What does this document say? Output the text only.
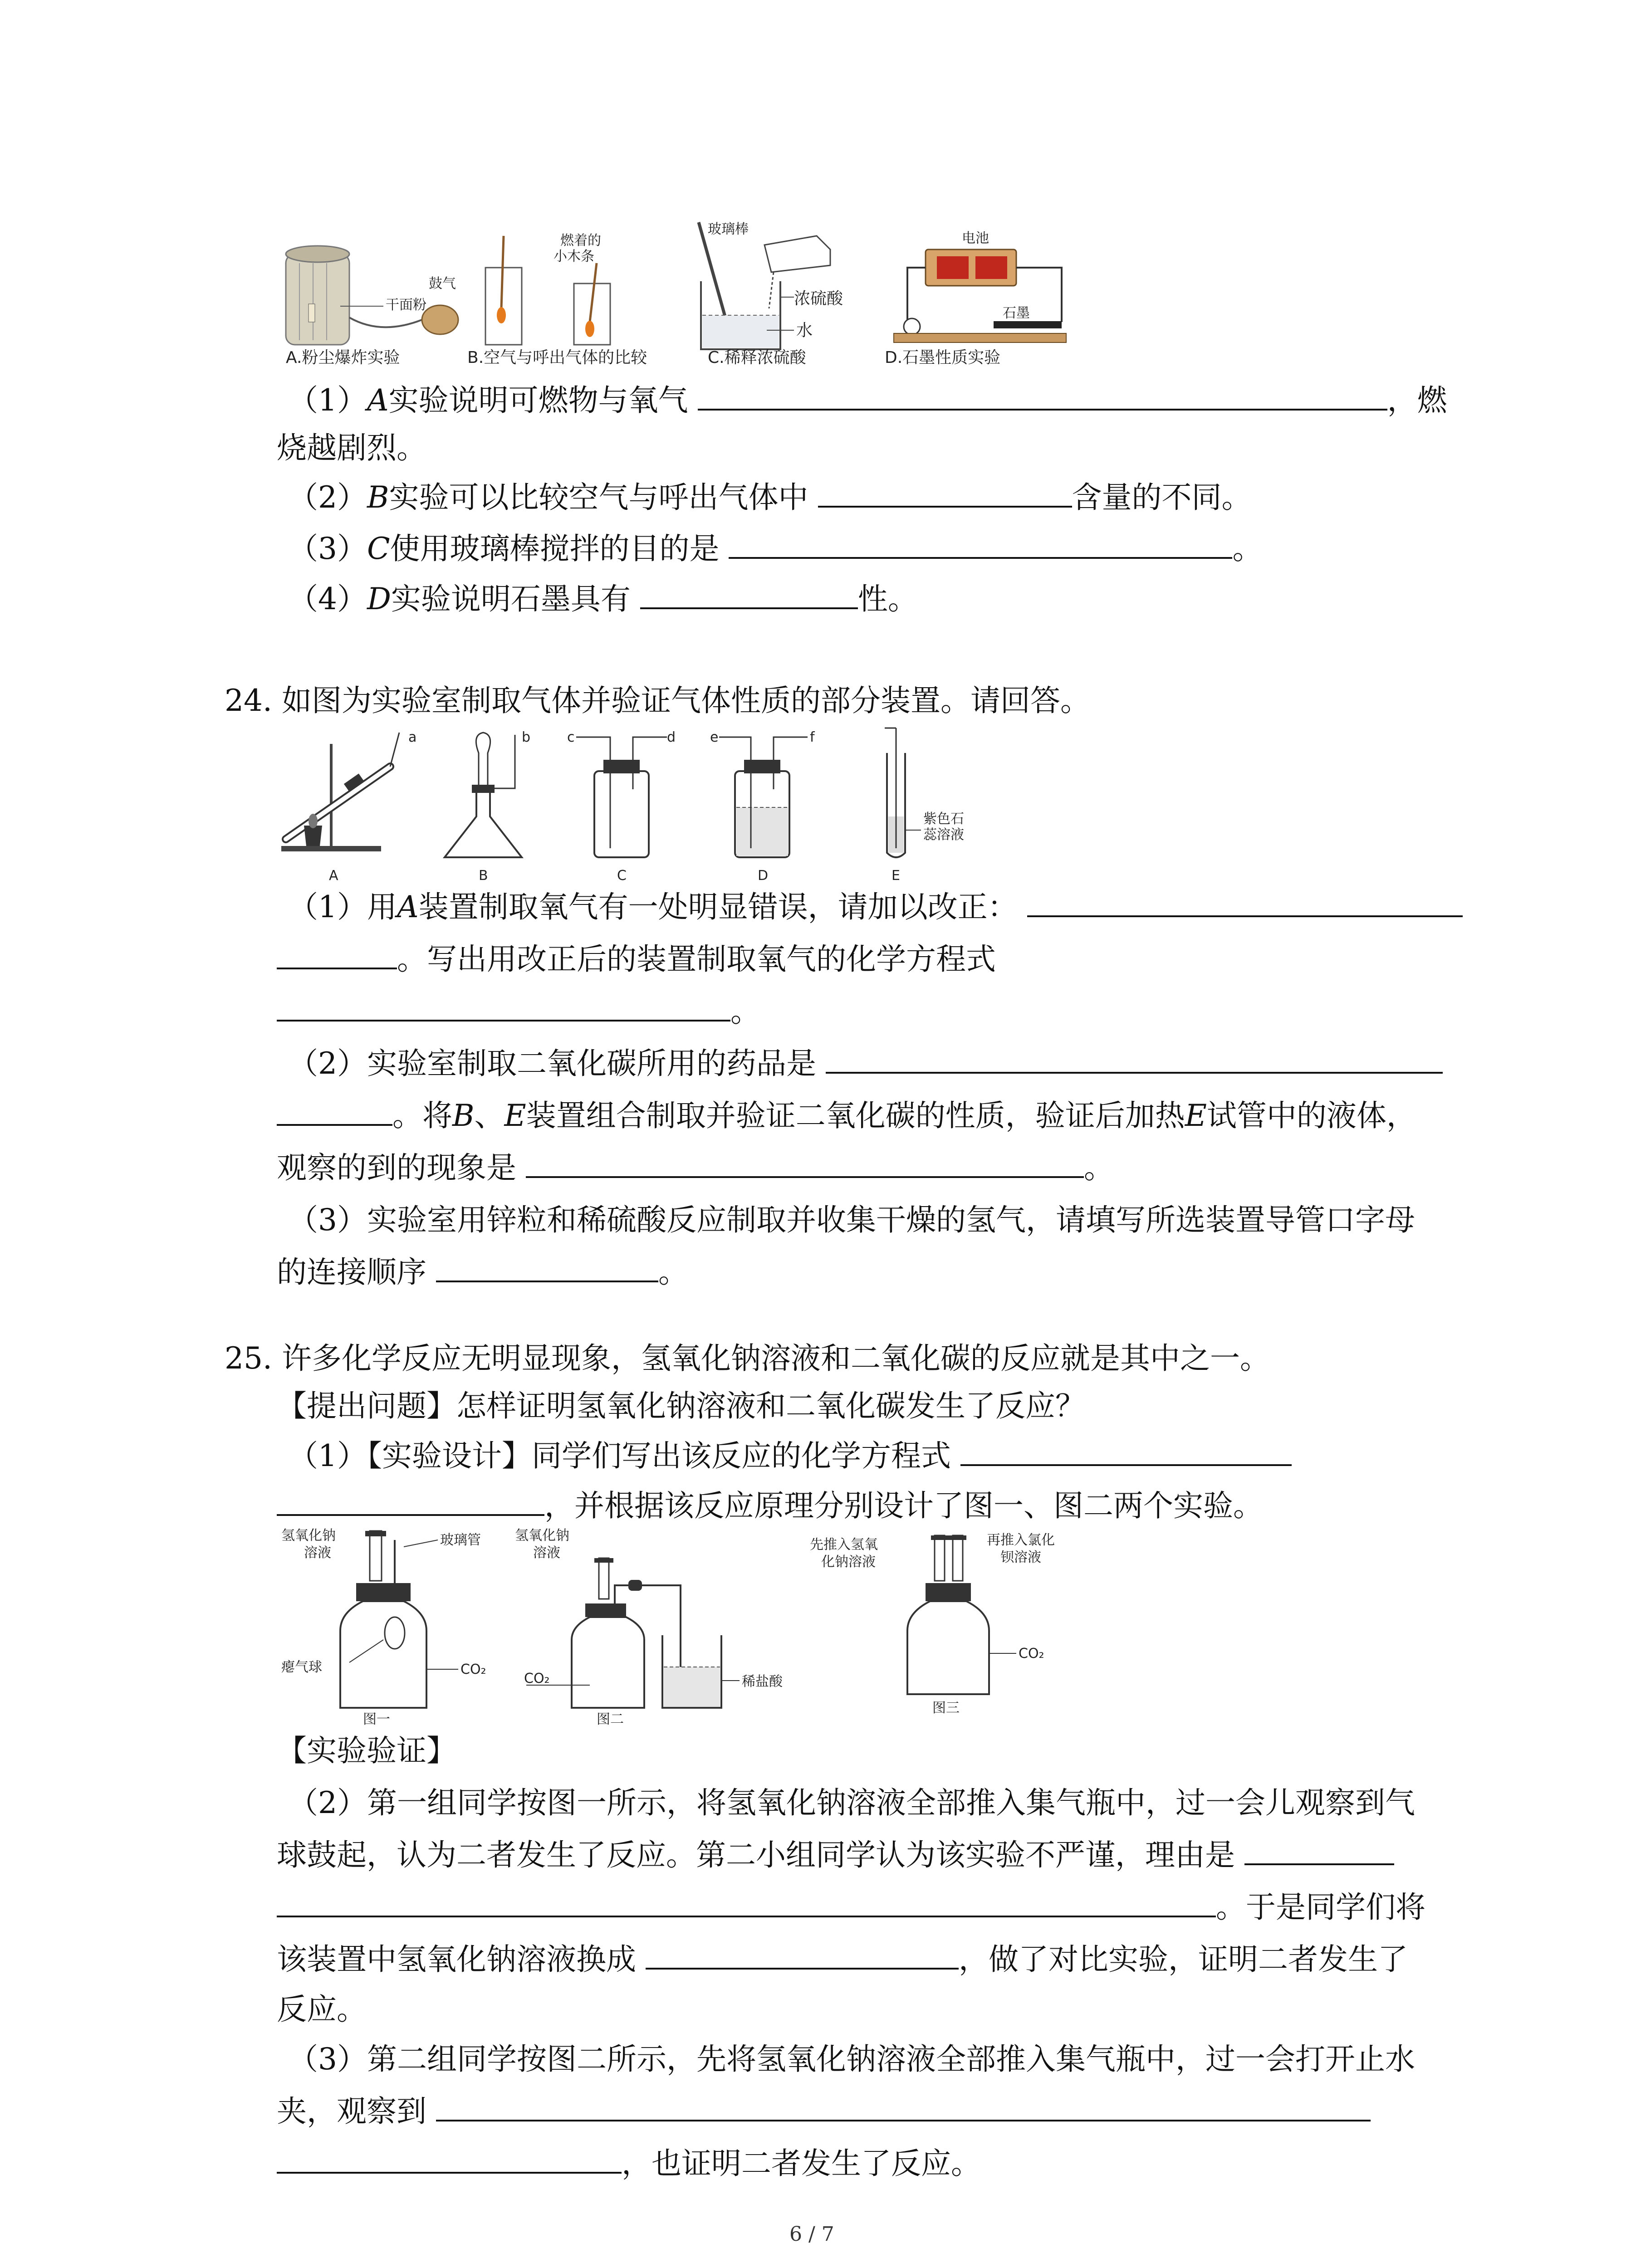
干面粉
鼓气
A.粉尘爆炸实验
燃着的
小木条
B.空气与呼出气体的比较
玻璃棒
浓硫酸
水
C.稀释浓硫酸
电池
石墨
D.石墨性质实验
（1）A实验说明可燃物与氧气	，燃
烧越剧烈。
（2）B实验可以比较空气与呼出气体中	含量的不同。
（3）C使用玻璃棒搅拌的目的是	。
（4）D实验说明石墨具有	性。
24. 如图为实验室制取气体并验证气体性质的部分装置。请回答。
a
A
b
B
c	d
C
e	f
D
紫色石
蕊溶液
E
（1）用A装置制取氧气有一处明显错误，请加以改正：
。写出用改正后的装置制取氧气的化学方程式
。
（2）实验室制取二氧化碳所用的药品是
。将B、E装置组合制取并验证二氧化碳的性质，验证后加热E试管中的液体，
观察的到的现象是	。
（3）实验室用锌粒和稀硫酸反应制取并收集干燥的氢气，请填写所选装置导管口字母
的连接顺序	。
25. 许多化学反应无明显现象，氢氧化钠溶液和二氧化碳的反应就是其中之一。
【提出问题】怎样证明氢氧化钠溶液和二氧化碳发生了反应？
（1）【实验设计】同学们写出该反应的化学方程式
，并根据该反应原理分别设计了图一、图二两个实验。
氢氧化钠
溶液
玻璃管
瘪气球	CO₂
图一
氢氧化钠
溶液
CO₂	稀盐酸
图二
先推入氢氧
化钠溶液
再推入氯化
钡溶液
CO₂
图三
【实验验证】
（2）第一组同学按图一所示，将氢氧化钠溶液全部推入集气瓶中，过一会儿观察到气
球鼓起，认为二者发生了反应。第二小组同学认为该实验不严谨，理由是
。于是同学们将
该装置中氢氧化钠溶液换成	，做了对比实验，证明二者发生了
反应。
（3）第二组同学按图二所示，先将氢氧化钠溶液全部推入集气瓶中，过一会打开止水
夹，观察到
，也证明二者发生了反应。
6 / 7
